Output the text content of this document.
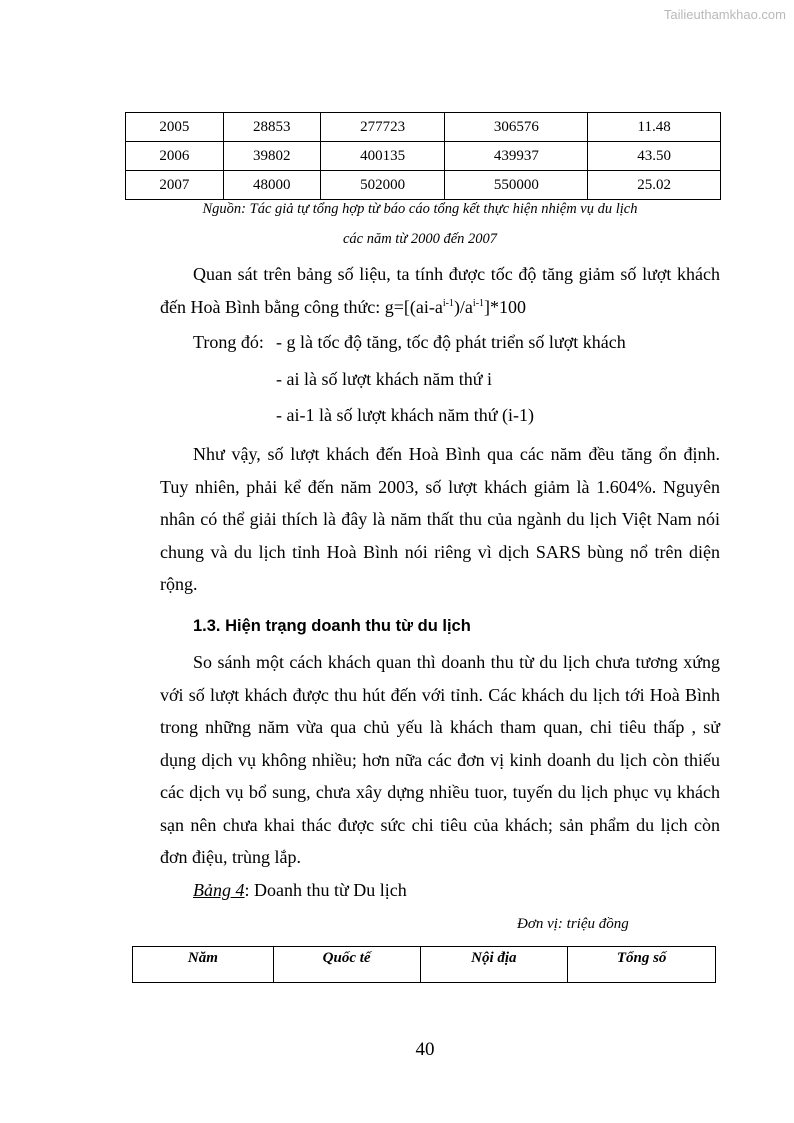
Tailieuthamkhao.com
2005	28853	277723	306576	11.48
2006	39802	400135	439937	43.50
2007	48000	502000	550000	25.02
Nguồn: Tác giả tự tổng hợp từ báo cáo tổng kết thực hiện nhiệm vụ du lịch
các năm từ 2000 đến 2007
Quan sát trên bảng số liệu, ta tính được tốc độ tăng giảm số lượt khách đến Hoà Bình bằng công thức: $g=[(ai-a^{i-1})/a^{i-1}]*100$
Trong đó: - g là tốc độ tăng, tốc độ phát triển số lượt khách
- ai là số lượt khách năm thứ i
- ai-1 là số lượt khách năm thứ (i-1)
Như vậy, số lượt khách đến Hoà Bình qua các năm đều tăng ổn định. Tuy nhiên, phải kể đến năm 2003, số lượt khách giảm là 1.604%. Nguyên nhân có thể giải thích là đây là năm thất thu của ngành du lịch Việt Nam nói chung và du lịch tỉnh Hoà Bình nói riêng vì dịch SARS bùng nổ trên diện rộng.
1.3. Hiện trạng doanh thu từ du lịch
So sánh một cách khách quan thì doanh thu từ du lịch chưa tương xứng với số lượt khách được thu hút đến với tỉnh. Các khách du lịch tới Hoà Bình trong những năm vừa qua chủ yếu là khách tham quan, chi tiêu thấp , sử dụng dịch vụ không nhiều; hơn nữa các đơn vị kinh doanh du lịch còn thiếu các dịch vụ bổ sung, chưa xây dựng nhiều tuor, tuyến du lịch phục vụ khách sạn nên chưa khai thác được sức chi tiêu của khách; sản phẩm du lịch còn đơn điệu, trùng lắp.
Bảng 4: Doanh thu từ Du lịch
Đơn vị: triệu đồng
Năm	Quốc tế	Nội địa	Tổng số
40
